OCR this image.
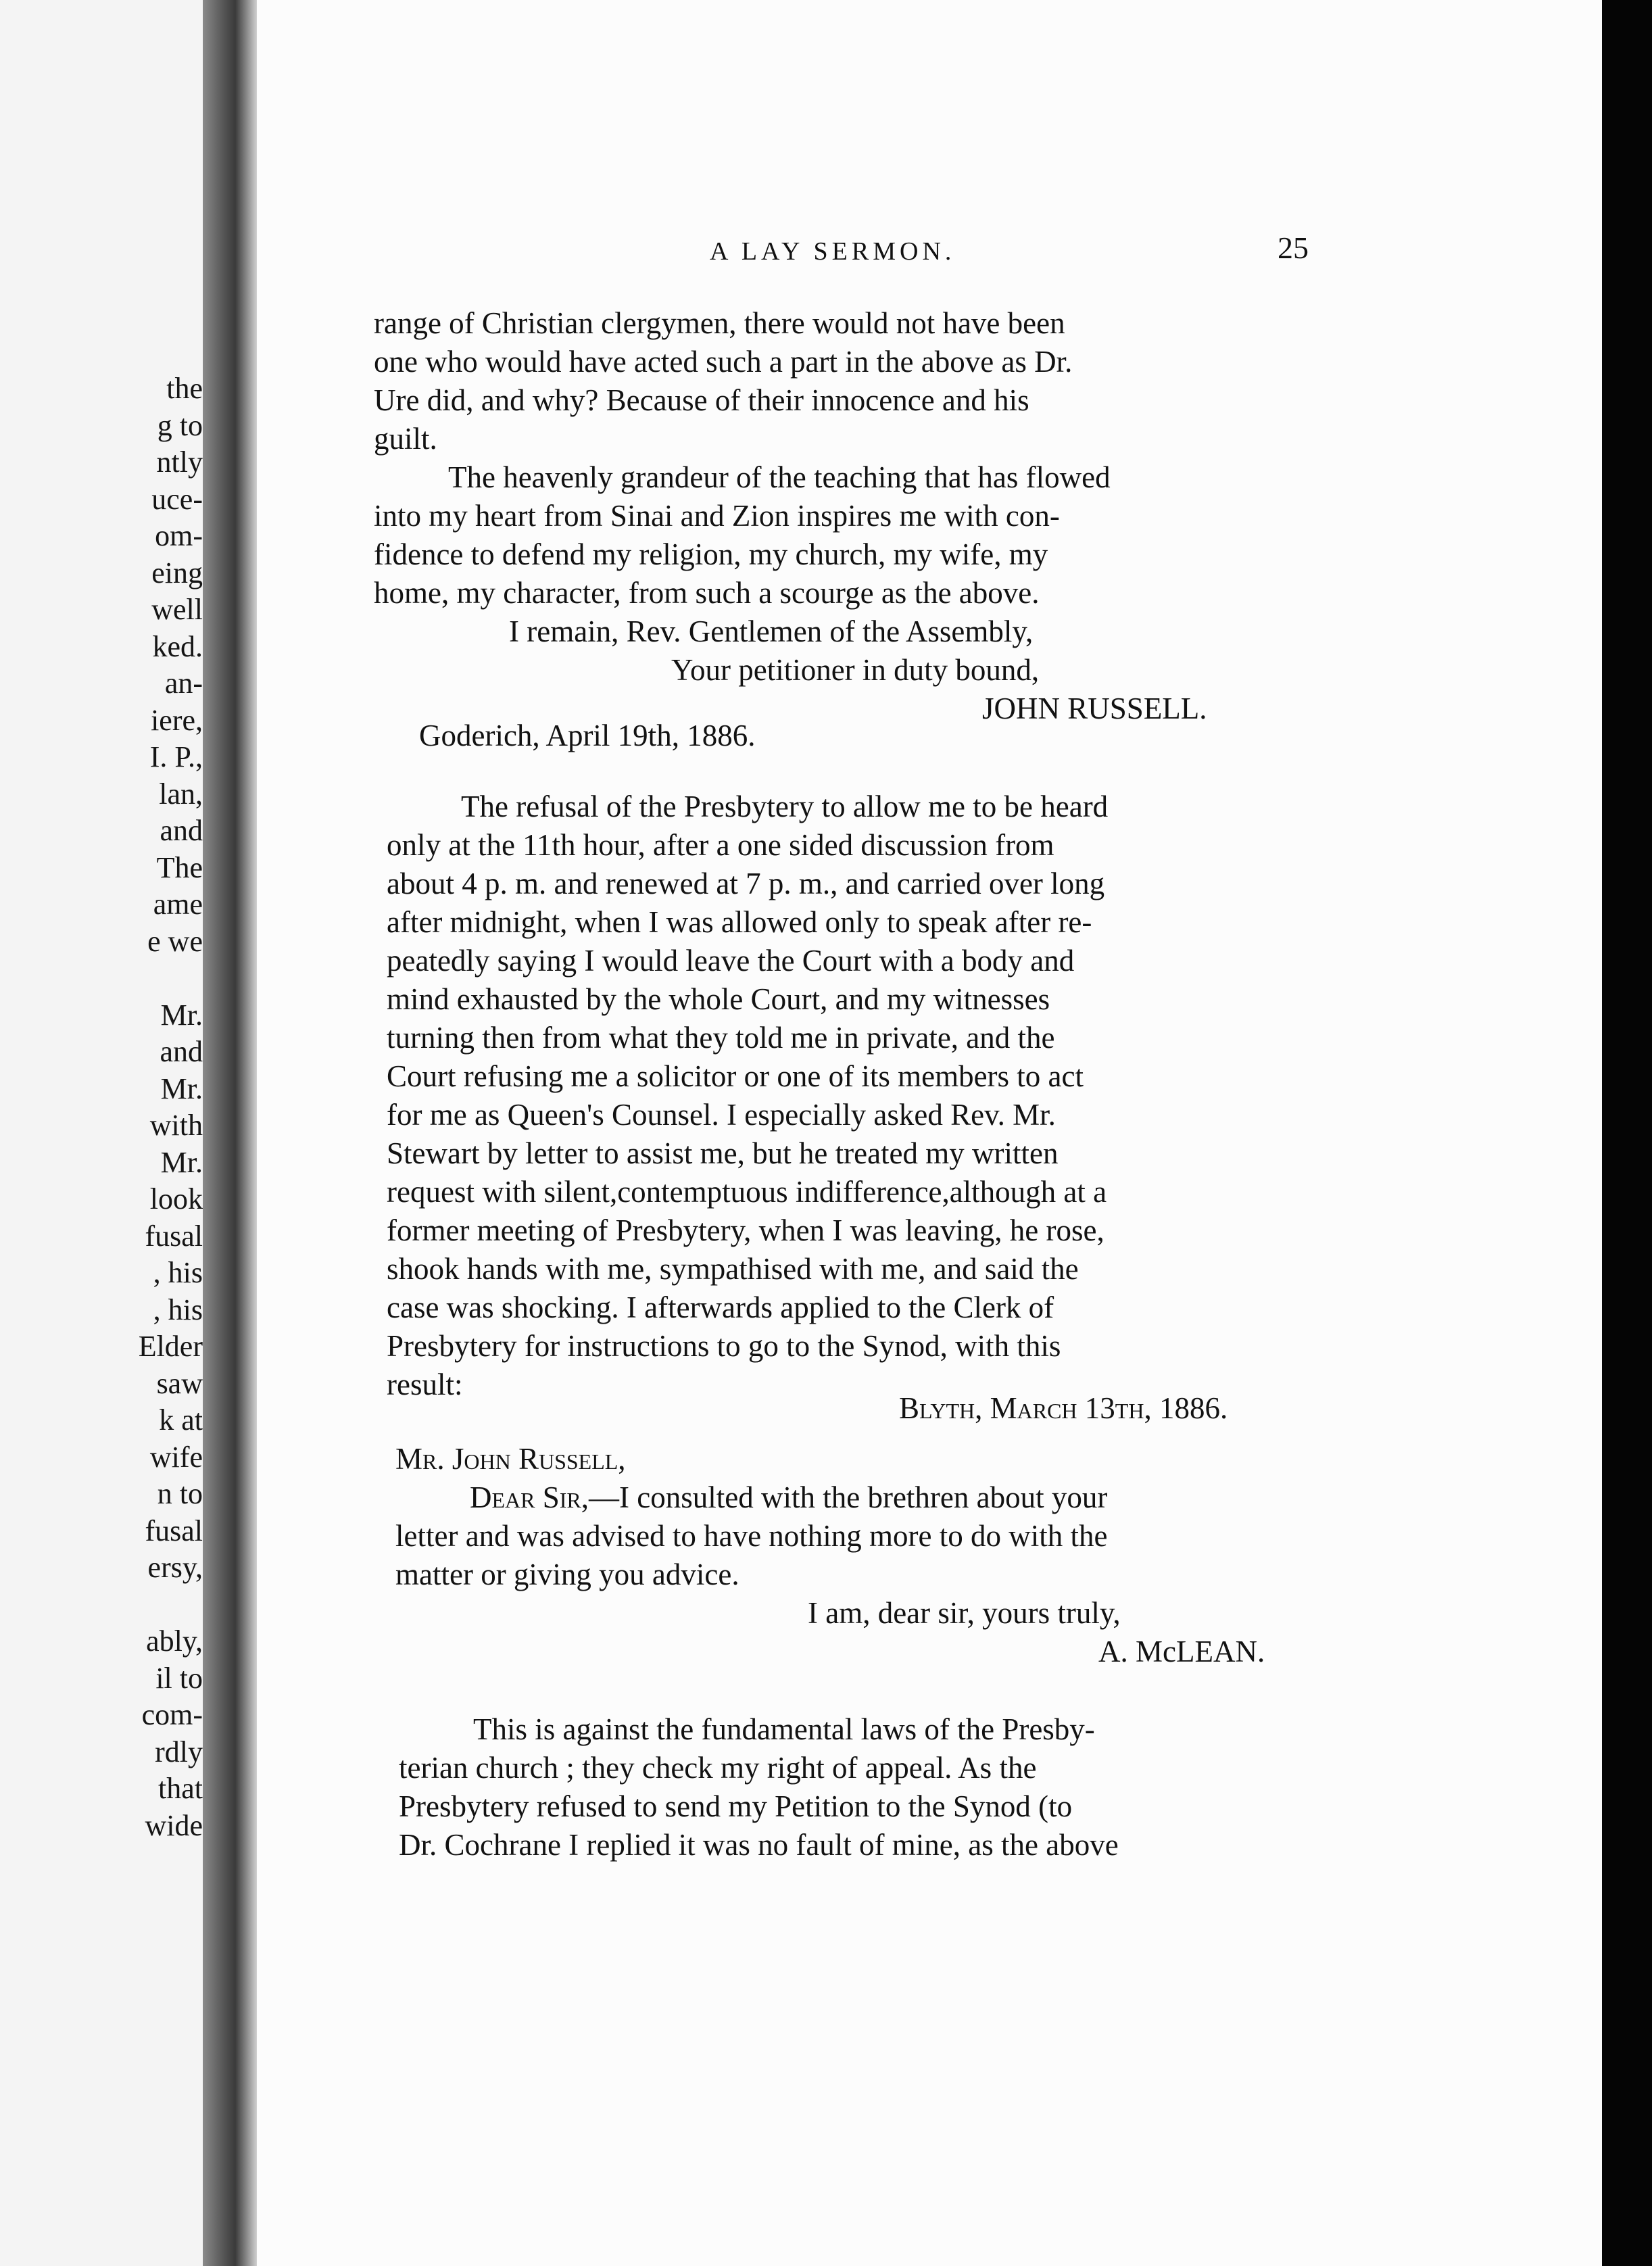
the
g to
ntly
uce-
om-
eing
well
ked.
an-
iere,
I. P.,
lan,
and
The
ame
e we

Mr.
and
Mr.
with
Mr.
look
fusal
, his
, his
Elder
saw
k at
wife
n to
fusal
ersy,

ably,
il to
com-
rdly
that
wide
A LAY SERMON.	25
range of Christian clergymen, there would not have been
one who would have acted such a part in the above as Dr.
Ure did, and why? Because of their innocence and his
guilt.
The heavenly grandeur of the teaching that has flowed
into my heart from Sinai and Zion inspires me with con-
fidence to defend my religion, my church, my wife, my
home, my character, from such a scourge as the above.
I remain, Rev. Gentlemen of the Assembly,
Your petitioner in duty bound,
JOHN RUSSELL.
Goderich, April 19th, 1886.
The refusal of the Presbytery to allow me to be heard
only at the 11th hour, after a one sided discussion from
about 4 p. m. and renewed at 7 p. m., and carried over long
after midnight, when I was allowed only to speak after re-
peatedly saying I would leave the Court with a body and
mind exhausted by the whole Court, and my witnesses
turning then from what they told me in private, and the
Court refusing me a solicitor or one of its members to act
for me as Queen's Counsel. I especially asked Rev. Mr.
Stewart by letter to assist me, but he treated my written
request with silent,contemptuous indifference,although at a
former meeting of Presbytery, when I was leaving, he rose,
shook hands with me, sympathised with me, and said the
case was shocking. I afterwards applied to the Clerk of
Presbytery for instructions to go to the Synod, with this
result:
Blyth, March 13th, 1886.
Mr. John Russell,
Dear Sir,—I consulted with the brethren about your
letter and was advised to have nothing more to do with the
matter or giving you advice.
I am, dear sir, yours truly,
A. McLEAN.
This is against the fundamental laws of the Presby-
terian church ; they check my right of appeal. As the
Presbytery refused to send my Petition to the Synod (to
Dr. Cochrane I replied it was no fault of mine, as the above
